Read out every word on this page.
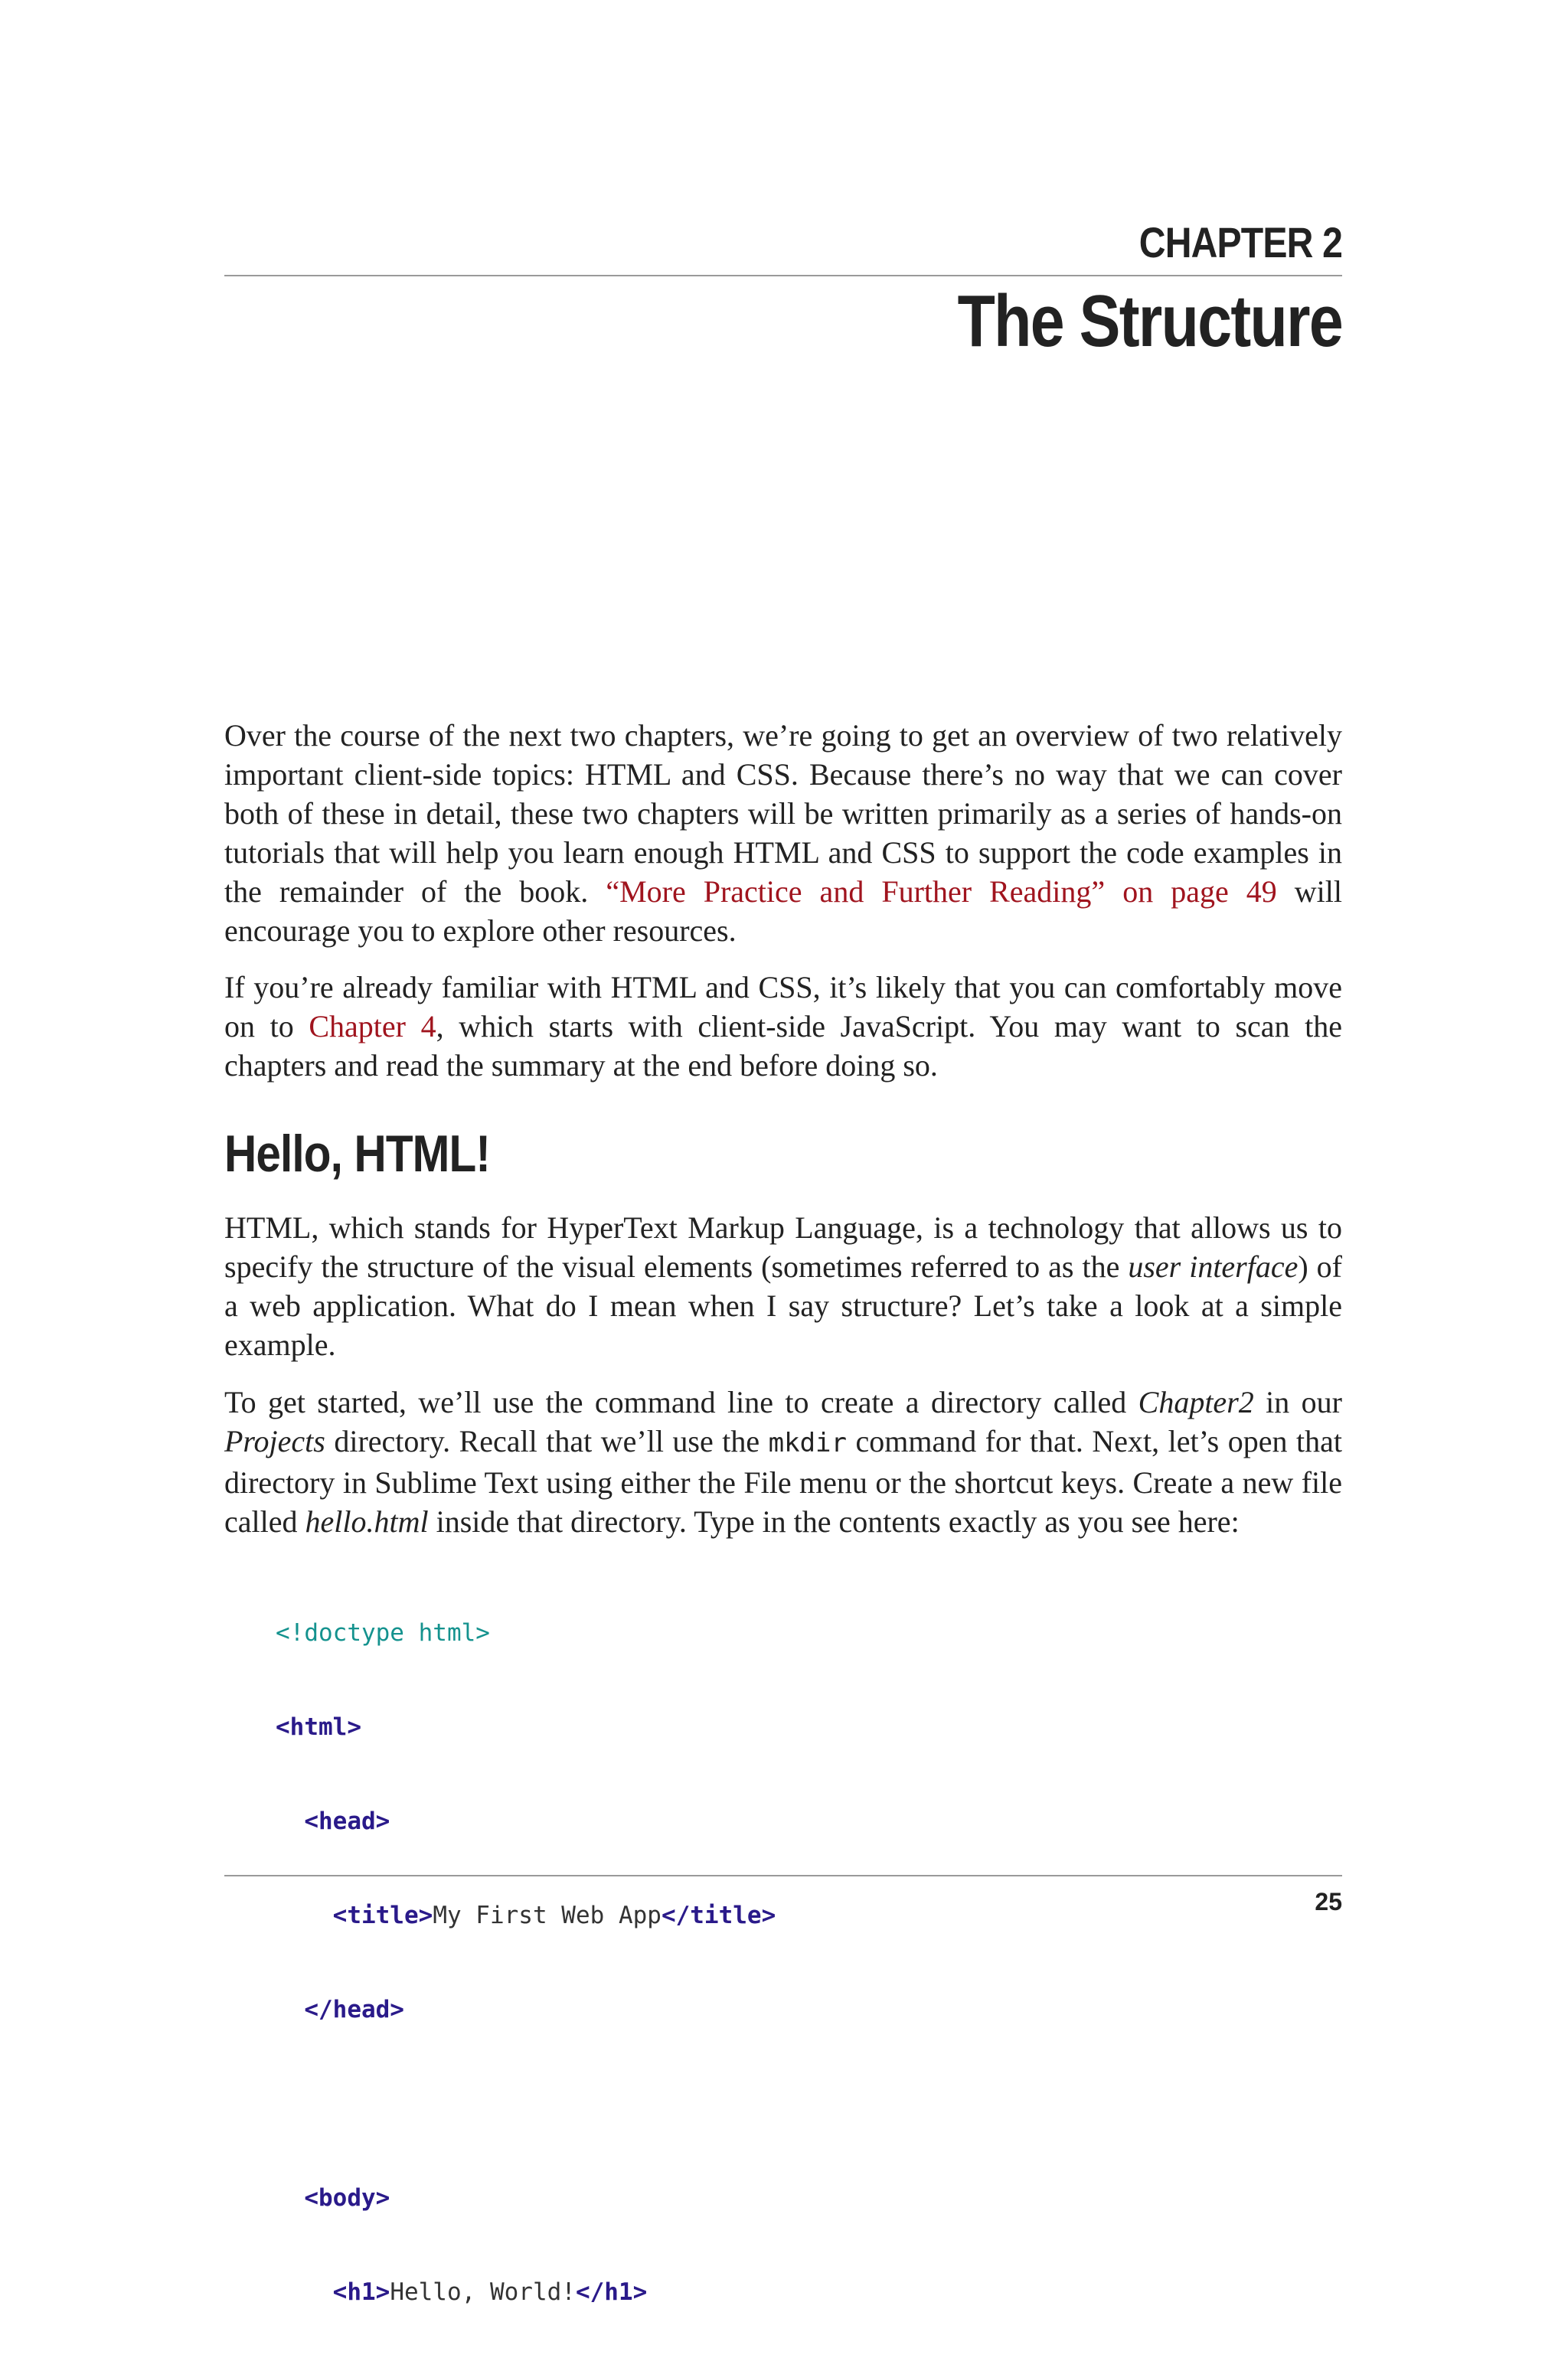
CHAPTER 2
The Structure

Over the course of the next two chapters, we’re going to get an overview of two relatively important client-side topics: HTML and CSS. Because there’s no way that we can cover both of these in detail, these two chapters will be written primarily as a series of hands-on tutorials that will help you learn enough HTML and CSS to support the code examples in the remainder of the book. “More Practice and Further Reading” on page 49 will encourage you to explore other resources.

If you’re already familiar with HTML and CSS, it’s likely that you can comfortably move on to Chapter 4, which starts with client-side JavaScript. You may want to scan the chapters and read the summary at the end before doing so.

Hello, HTML!

HTML, which stands for HyperText Markup Language, is a technology that allows us to specify the structure of the visual elements (sometimes referred to as the user interface) of a web application. What do I mean when I say structure? Let’s take a look at a simple example.

To get started, we’ll use the command line to create a directory called Chapter2 in our Projects directory. Recall that we’ll use the mkdir command for that. Next, let’s open that directory in Sublime Text using either the File menu or the shortcut keys. Create a new file called hello.html inside that directory. Type in the contents exactly as you see here:

<!doctype html>

<html>

<head>

<title>My First Web App</title>

</head>

<body>

<h1>Hello, World!</h1>

25
